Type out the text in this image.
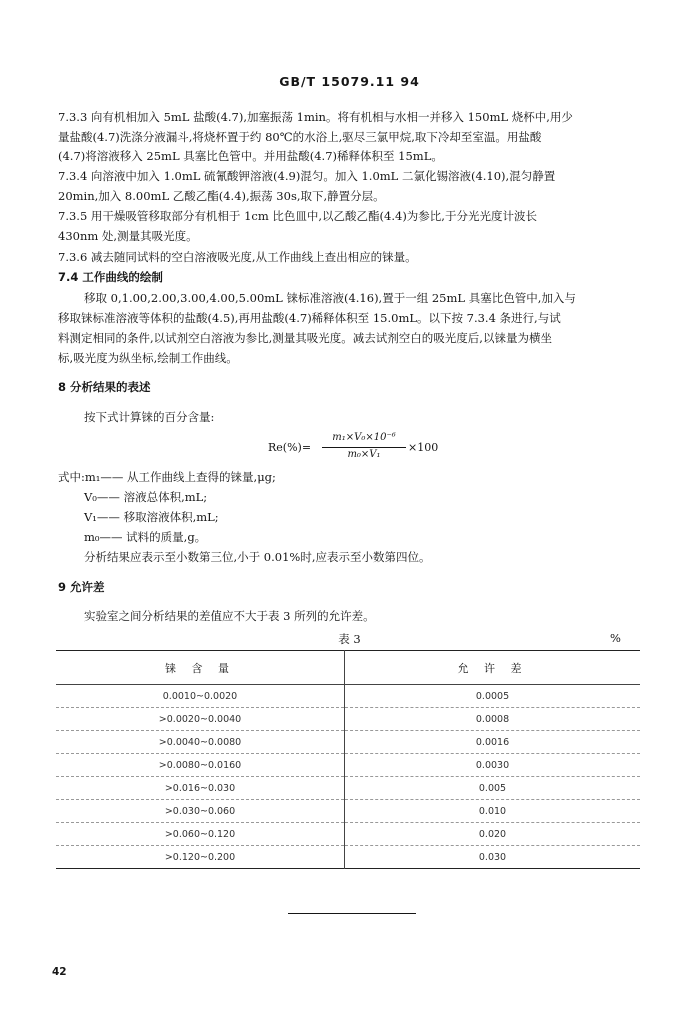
GB/T 15079.11 94
7.3.3 向有机相加入 5mL 盐酸(4.7),加塞振荡 1min。将有机相与水相一并移入 150mL 烧杯中,用少
量盐酸(4.7)洗涤分液漏斗,将烧杯置于约 80℃的水浴上,驱尽三氯甲烷,取下冷却至室温。用盐酸
(4.7)将溶液移入 25mL 具塞比色管中。并用盐酸(4.7)稀释体积至 15mL。
7.3.4 向溶液中加入 1.0mL 硫氰酸钾溶液(4.9)混匀。加入 1.0mL 二氯化锡溶液(4.10),混匀静置
20min,加入 8.00mL 乙酸乙酯(4.4),振荡 30s,取下,静置分层。
7.3.5 用干燥吸管移取部分有机相于 1cm 比色皿中,以乙酸乙酯(4.4)为参比,于分光光度计波长
430nm 处,测量其吸光度。
7.3.6 减去随同试料的空白溶液吸光度,从工作曲线上查出相应的铼量。
7.4 工作曲线的绘制
移取 0,1.00,2.00,3.00,4.00,5.00mL 铼标准溶液(4.16),置于一组 25mL 具塞比色管中,加入与
移取铼标准溶液等体积的盐酸(4.5),再用盐酸(4.7)稀释体积至 15.0mL。以下按 7.3.4 条进行,与试
料测定相同的条件,以试剂空白溶液为参比,测量其吸光度。减去试剂空白的吸光度后,以铼量为横坐
标,吸光度为纵坐标,绘制工作曲线。
8 分析结果的表述
按下式计算铼的百分含量:
Re(%)=
m₁×V₀×10⁻⁶
m₀×V₁
×100
式中:m₁—— 从工作曲线上查得的铼量,μg;
V₀—— 溶液总体积,mL;
V₁—— 移取溶液体积,mL;
m₀—— 试料的质量,g。
分析结果应表示至小数第三位,小于 0.01%时,应表示至小数第四位。
9 允许差
实验室之间分析结果的差值应不大于表 3 所列的允许差。
表 3	%
铼 含 量	允 许 差
0.0010~0.0020	0.0005
>0.0020~0.0040	0.0008
>0.0040~0.0080	0.0016
>0.0080~0.0160	0.0030
>0.016~0.030	0.005
>0.030~0.060	0.010
>0.060~0.120	0.020
>0.120~0.200	0.030
42
